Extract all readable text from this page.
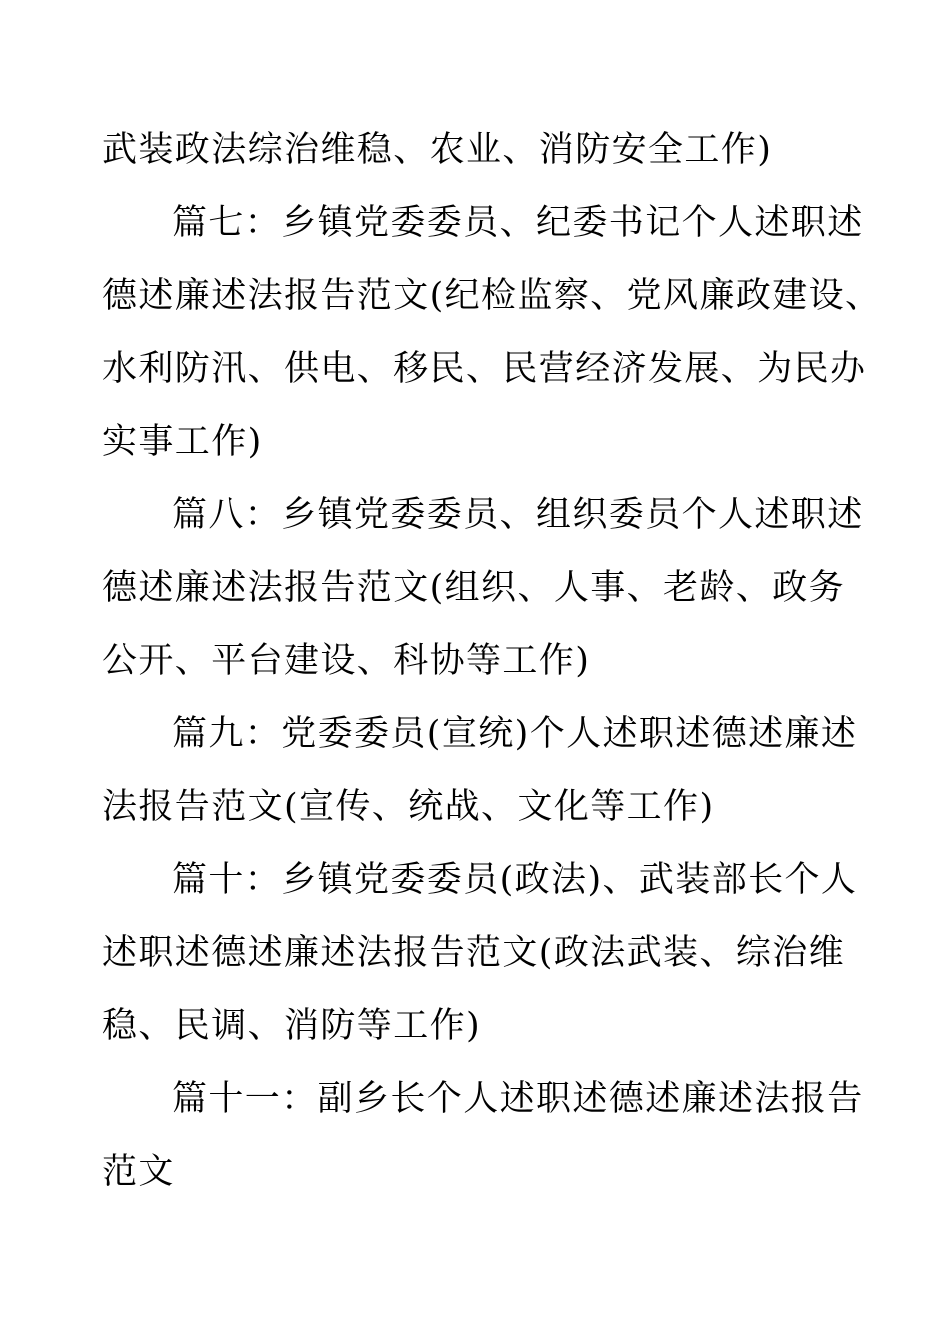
武装政法综治维稳、农业、消防安全工作)
篇七：乡镇党委委员、纪委书记个人述职述
德述廉述法报告范文(纪检监察、党风廉政建设、
水利防汛、供电、移民、民营经济发展、为民办
实事工作)
篇八：乡镇党委委员、组织委员个人述职述
德述廉述法报告范文(组织、人事、老龄、政务
公开、平台建设、科协等工作)
篇九：党委委员(宣统)个人述职述德述廉述
法报告范文(宣传、统战、文化等工作)
篇十：乡镇党委委员(政法)、武装部长个人
述职述德述廉述法报告范文(政法武装、综治维
稳、民调、消防等工作)
篇十一：副乡长个人述职述德述廉述法报告
范文
